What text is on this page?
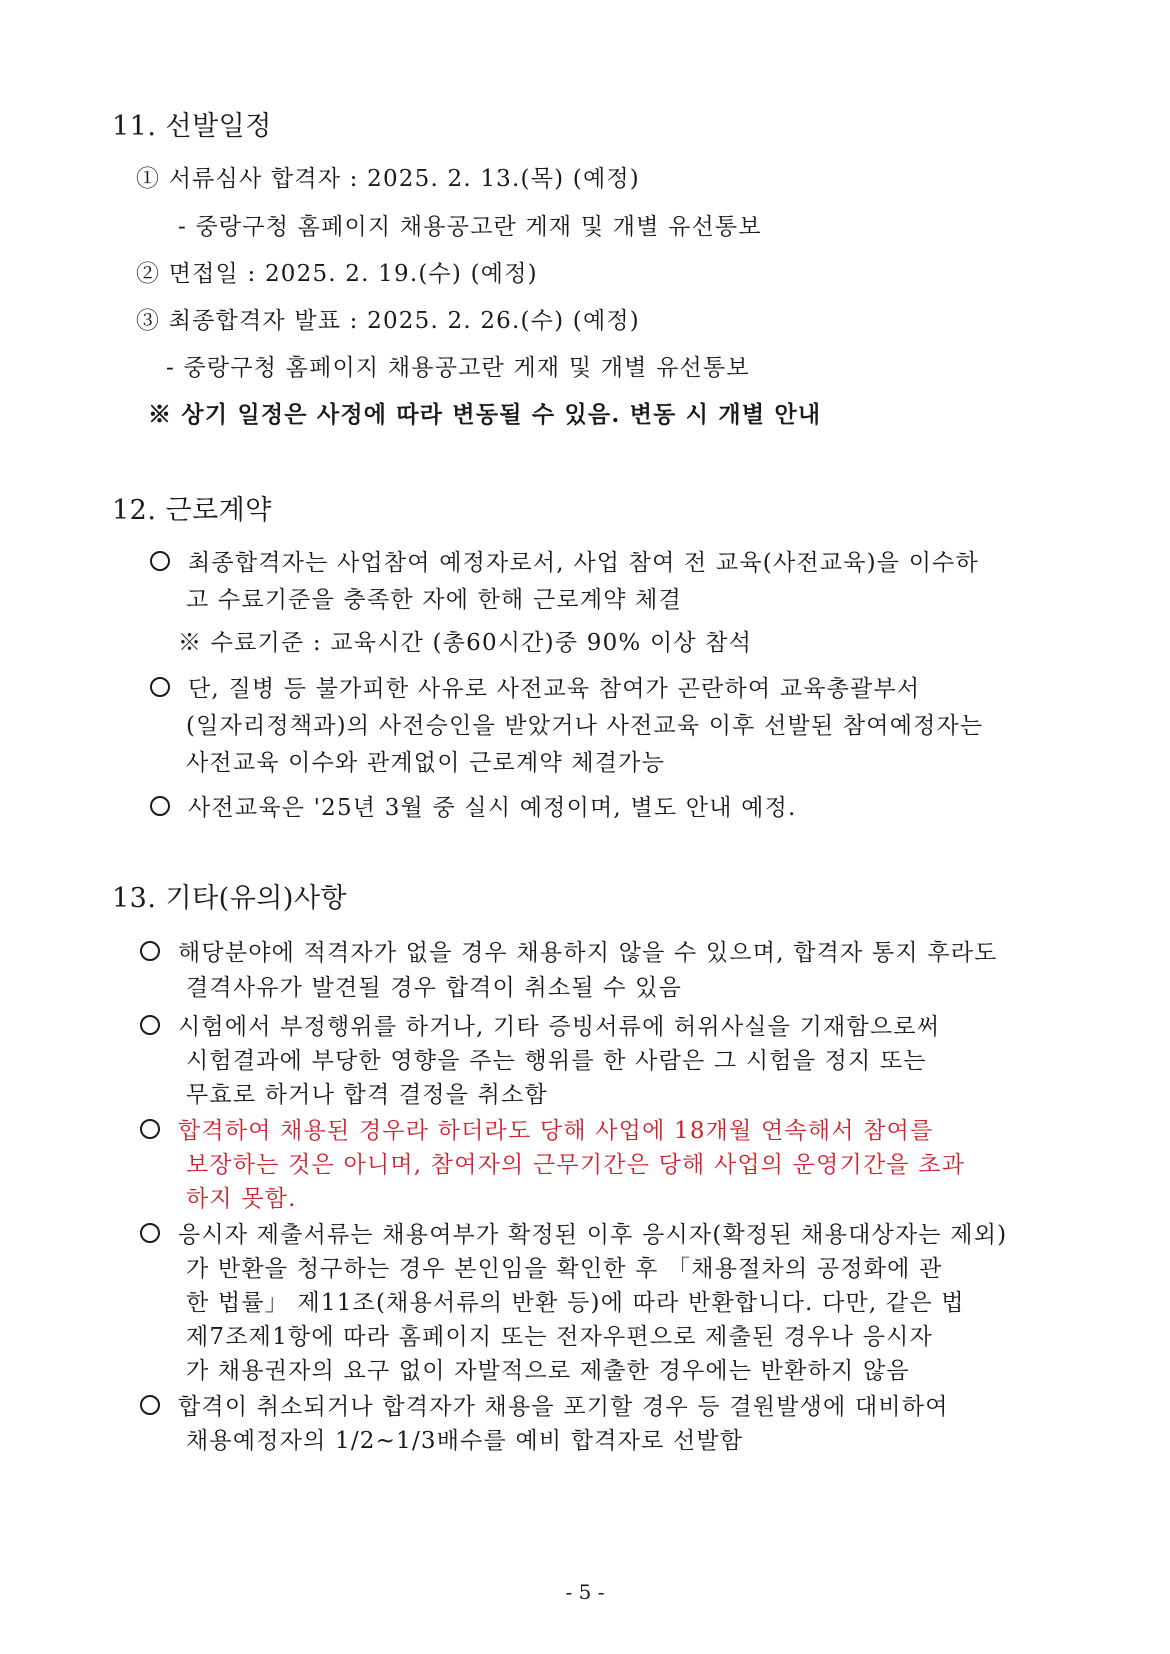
11. 선발일정
① 서류심사 합격자 : 2025. 2. 13.(목) (예정)
- 중랑구청 홈페이지 채용공고란 게재 및 개별 유선통보
② 면접일 : 2025. 2. 19.(수) (예정)
③ 최종합격자 발표 : 2025. 2. 26.(수) (예정)
- 중랑구청 홈페이지 채용공고란 게재 및 개별 유선통보
※ 상기 일정은 사정에 따라 변동될 수 있음. 변동 시 개별 안내
12. 근로계약
최종합격자는 사업참여 예정자로서, 사업 참여 전 교육(사전교육)을 이수하
고 수료기준을 충족한 자에 한해 근로계약 체결
※ 수료기준 : 교육시간 (총60시간)중 90% 이상 참석
단, 질병 등 불가피한 사유로 사전교육 참여가 곤란하여 교육총괄부서
(일자리정책과)의 사전승인을 받았거나 사전교육 이후 선발된 참여예정자는
사전교육 이수와 관계없이 근로계약 체결가능
사전교육은 '25년 3월 중 실시 예정이며, 별도 안내 예정.
13. 기타(유의)사항
해당분야에 적격자가 없을 경우 채용하지 않을 수 있으며, 합격자 통지 후라도
결격사유가 발견될 경우 합격이 취소될 수 있음
시험에서 부정행위를 하거나, 기타 증빙서류에 허위사실을 기재함으로써
시험결과에 부당한 영향을 주는 행위를 한 사람은 그 시험을 정지 또는
무효로 하거나 합격 결정을 취소함
합격하여 채용된 경우라 하더라도 당해 사업에 18개월 연속해서 참여를
보장하는 것은 아니며, 참여자의 근무기간은 당해 사업의 운영기간을 초과
하지 못함.
응시자 제출서류는 채용여부가 확정된 이후 응시자(확정된 채용대상자는 제외)
가 반환을 청구하는 경우 본인임을 확인한 후 「채용절차의 공정화에 관
한 법률」 제11조(채용서류의 반환 등)에 따라 반환합니다. 다만, 같은 법
제7조제1항에 따라 홈페이지 또는 전자우편으로 제출된 경우나 응시자
가 채용권자의 요구 없이 자발적으로 제출한 경우에는 반환하지 않음
합격이 취소되거나 합격자가 채용을 포기할 경우 등 결원발생에 대비하여
채용예정자의 1/2~1/3배수를 예비 합격자로 선발함
- 5 -
